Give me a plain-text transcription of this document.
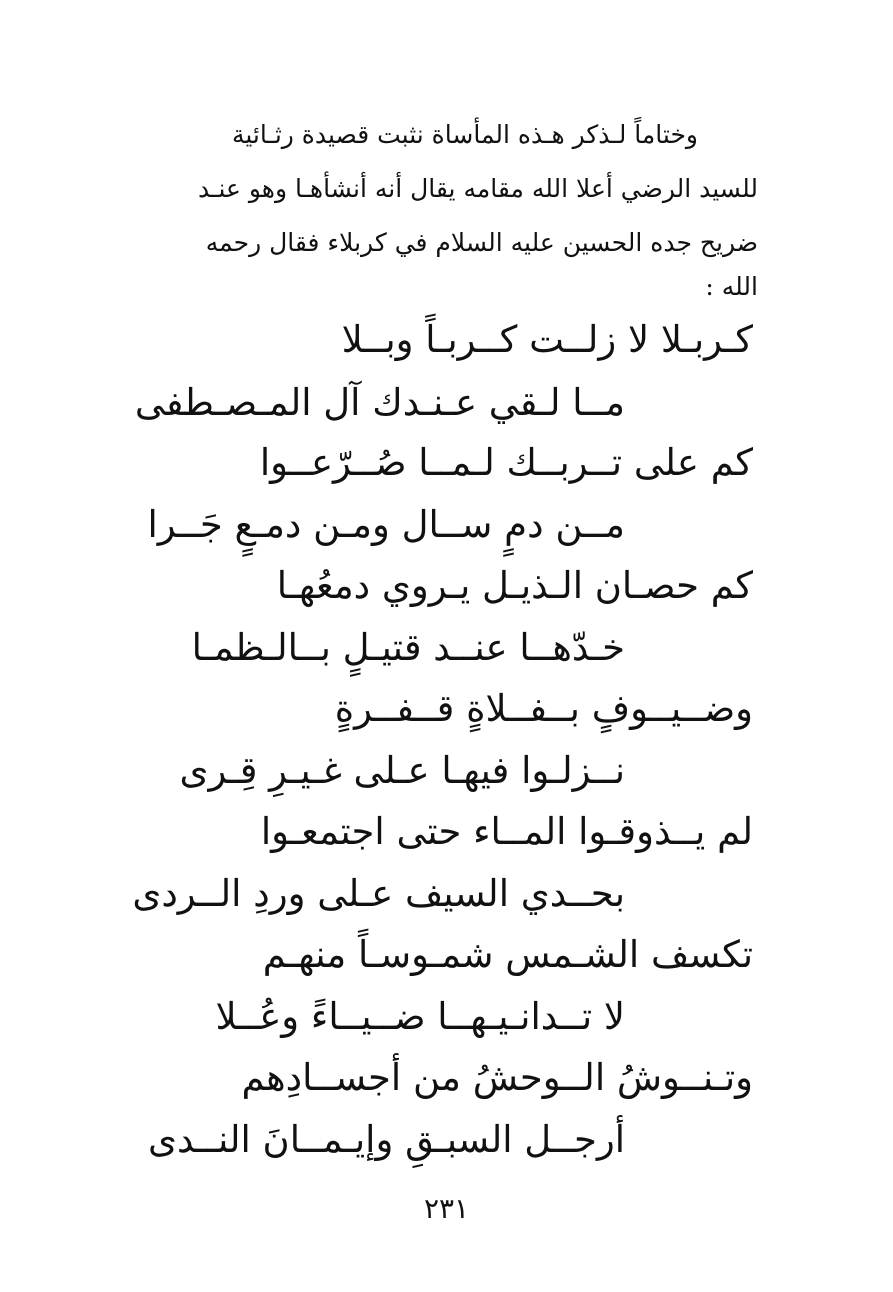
وختاماً لـذكر هـذه المأساة نثبت قصيدة رثـائية

للسيد الرضي أعلا الله مقامه يقال أنه أنشأهـا وهو عنـد

ضريح جده الحسين عليه السلام في كربلاء فقال رحمه

الله :

كـربـلا لا زلــت كــربـاً وبــلا
مــا لـقي عـنـدك آل المـصـطفى
كم على تــربــك لـمــا صُــرّعــوا
مــن دمٍ ســال ومـن دمـعٍ جَــرا
كم حصـان الـذيـل يـروي دمعُهـا
خـدّهــا عنــد قتيـلٍ بــالـظمـا
وضــيــوفٍ بــفــلاةٍ قــفــرةٍ
نــزلـوا فيهـا عـلى غـيـرِ قِـرى
لم يــذوقـوا المــاء حتى اجتمعـوا
بحــدي السيف عـلى وردِ الــردى
تكسف الشـمس شمـوسـاً منهـم
لا تــدانـيـهــا ضــيــاءً وعُــلا
وتـنــوشُ الــوحشُ من أجســادِهم
أرجــل السبـقِ وإيـمــانَ النــدى
٢٣١
